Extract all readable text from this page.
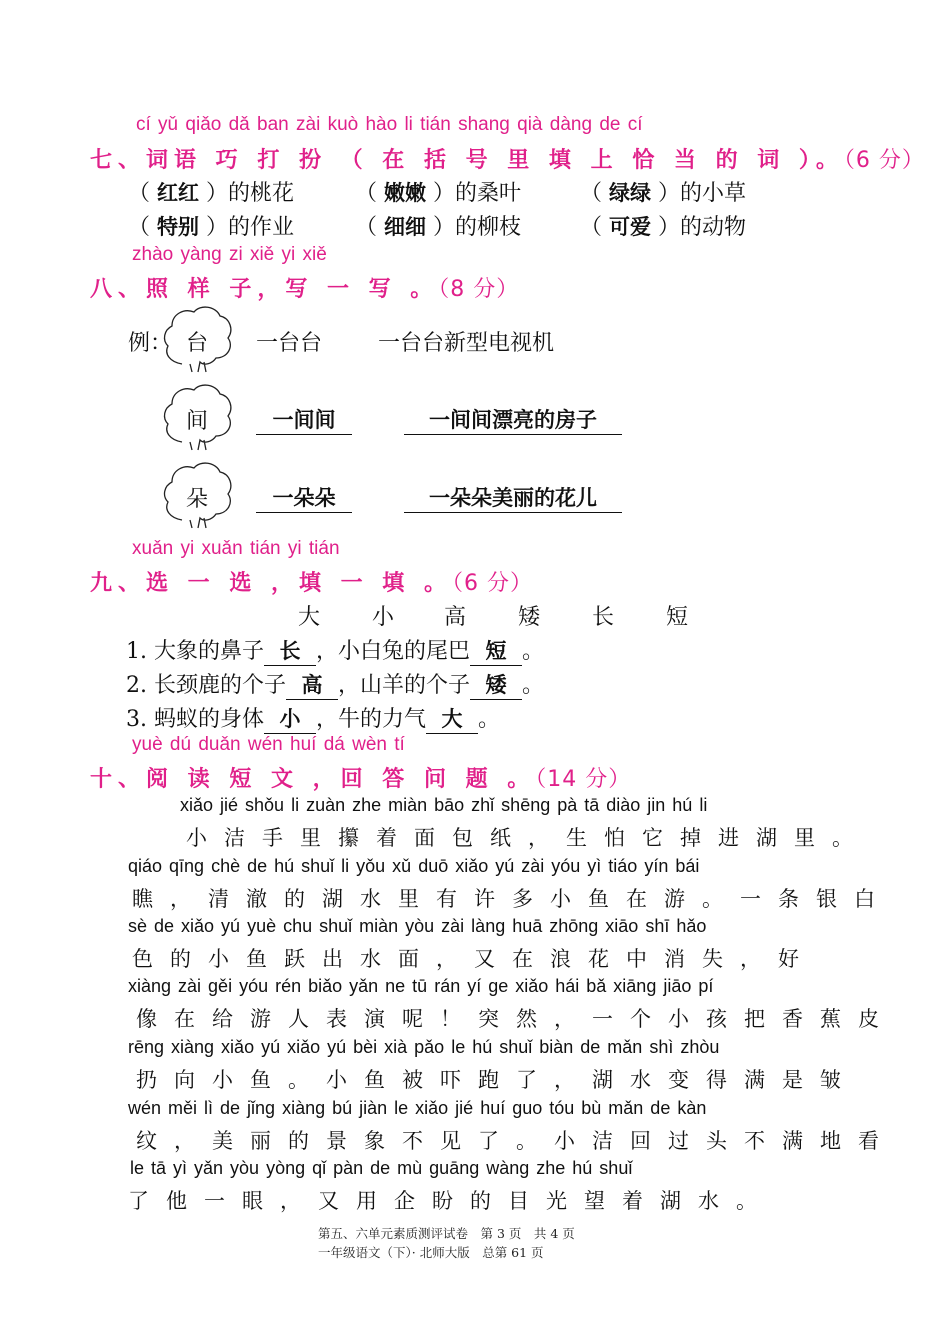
cí yǔ qiǎo dǎ ban zài kuò hào li tián shang qià dàng de cí
七、词语 巧 打 扮 （ 在 括 号 里 填 上 恰 当 的 词 ）。（6 分）
（ 红红 ）的桃花	（ 嫩嫩 ）的桑叶	（ 绿绿 ）的小草
（ 特别 ）的作业	（ 细细 ）的柳枝	（ 可爱 ）的动物
zhào yàng zi xiě yi xiě
八、照 样 子，写 一 写 。（8 分）
例： 台 一台台	一台台新型电视机
间	一间间	一间间漂亮的房子
朵	一朵朵	一朵朵美丽的花儿
xuǎn yi xuǎn tián yi tián
九、选 一 选 ，填 一 填 。（6 分）
大 小 高 矮 长 短
1. 大象的鼻子 长 ，小白兔的尾巴 短 。
2. 长颈鹿的个子 高 ，山羊的个子 矮 。
3. 蚂蚁的身体 小 ，牛的力气 大 。
yuè dú duǎn wén huí dá wèn tí
十、阅 读 短 文 ，回 答 问 题 。（14 分）
xiǎo jié shǒu li zuàn zhe miàn bāo zhǐ shēng pà tā diào jin hú li
小洁手里攥着面包纸，生怕它掉进湖里。
qiáo qīng chè de hú shuǐ li yǒu xǔ duō xiǎo yú zài yóu yì tiáo yín bái
瞧，清澈的湖水里有许多小鱼在游。一条银白
sè de xiǎo yú yuè chu shuǐ miàn yòu zài làng huā zhōng xiāo shī hǎo
色的小鱼跃出水面，又在浪花中消失，好
xiàng zài gěi yóu rén biǎo yǎn ne tū rán yí ge xiǎo hái bǎ xiāng jiāo pí
像在给游人表演呢！突然，一个小孩把香蕉皮
rēng xiàng xiǎo yú xiǎo yú bèi xià pǎo le hú shuǐ biàn de mǎn shì zhòu
扔向小鱼。小鱼被吓跑了，湖水变得满是皱
wén měi lì de jǐng xiàng bú jiàn le xiǎo jié huí guo tóu bù mǎn de kàn
纹，美丽的景象不见了。小洁回过头不满地看
le tā yì yǎn yòu yòng qǐ pàn de mù guāng wàng zhe hú shuǐ
了他一眼，又用企盼的目光望着湖水。
第五、六单元素质测评试卷　第 3 页　共 4 页
一年级语文（下）· 北师大版　总第 61 页
